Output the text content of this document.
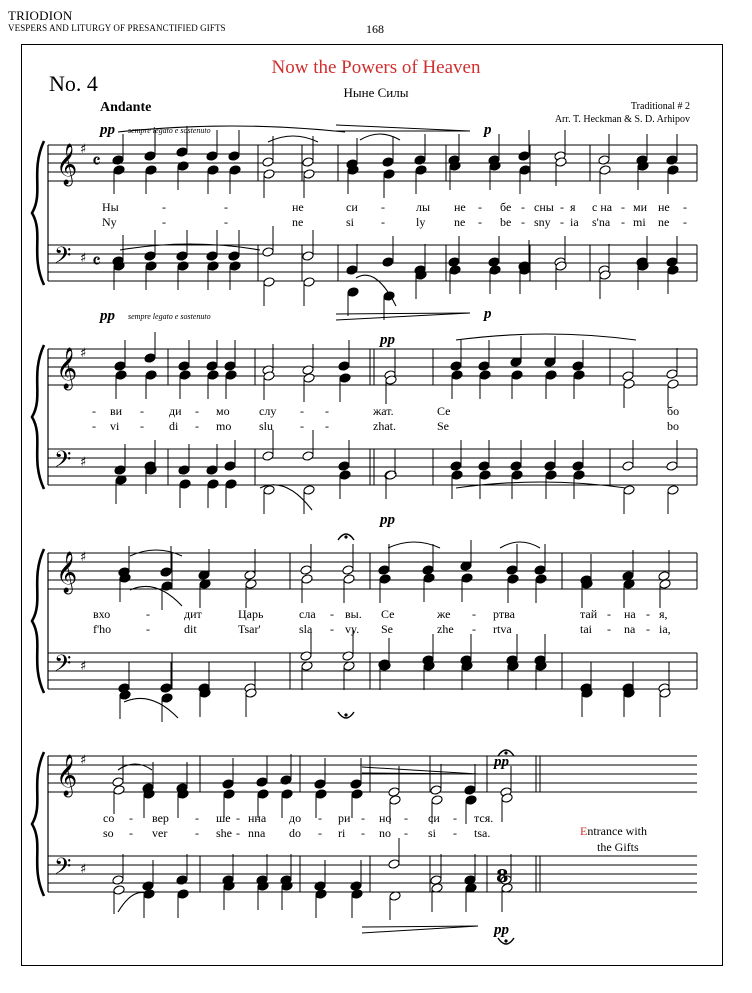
TRIODION
VESPERS AND LITURGY OF PRESANCTIFIED GIFTS	168
Now the Powers of Heaven
No. 4	Ныне Силы
Andante	Traditional # 2
Arr. T. Heckman & S. D. Arhipov
𝄞
𝄢
♯
♯
𝄴
𝄴
𝄞
𝄢
♯
♯
𝄞
𝄢
♯
♯
𝄞
𝄢
♯
♯	8
pp sempre legato e sostenuto	p
pp sempre legato e sostenuto	p
pp
pp
pp
pp
Ны	-	-	не	си -	лы не - бе - сны - я с на - ми не -
Ny	-	-	ne	si -	ly ne - be - sny - ia s'na - mi ne -
- ви - ди - мо слу - -	жат.	Се	бо
- vi - di - mo slu - -	zhat.	Se	bo
вхо	-	дит	Царь	сла - вы. Се	же - ртва	тай - на - я,
f'ho	-	dit	Tsar'	sla - vy. Se	zhe - rtva	tai - na - ia,
со - вер - ше - нна до - ри - но - си - тся.
so - ver - she - nna do - ri - no - si - tsa.	Entrance with
the Gifts
